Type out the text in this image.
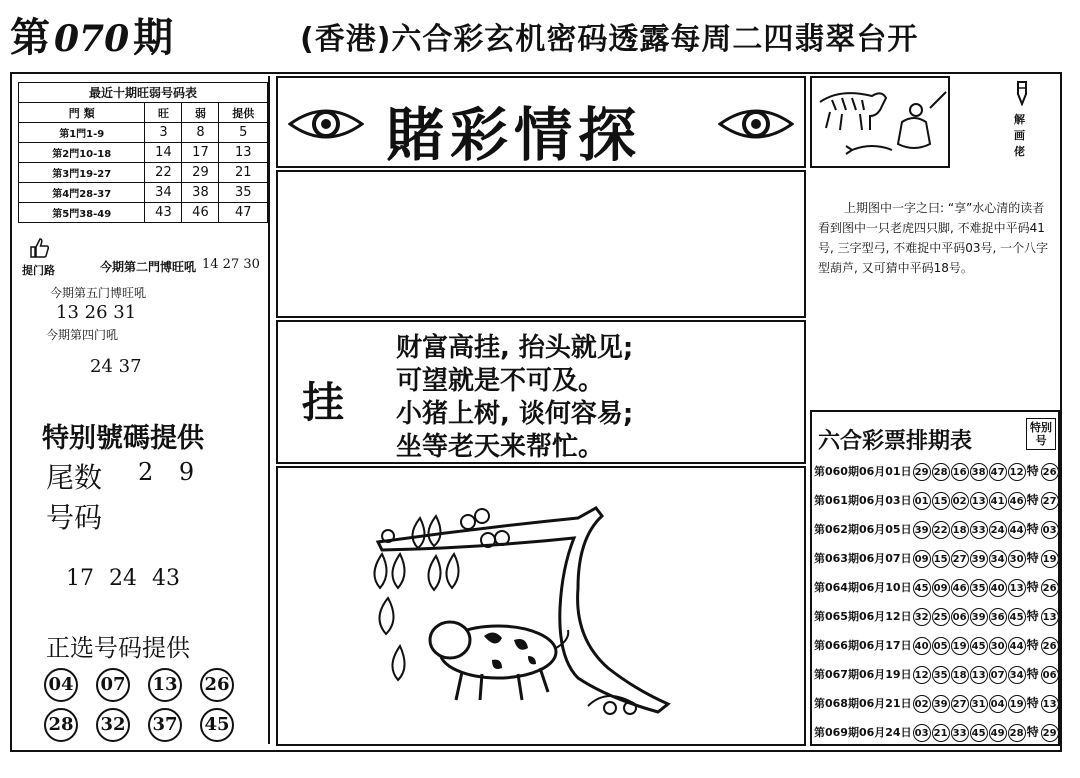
第 070 期	(香港)六合彩玄机密码透露每周二四翡翠台开
最近十期旺弱号码表			
門 類	旺	弱	提供
第1門1-9	3	8	5
第2門10-18	14	17	13
第3門19-27	22	29	21
第4門28-37	34	38	35
第5門38-49	43	46	47
提门路	今期第二門博旺吼 14 27 30
今期第五门博旺吼
13 26 31
今期第四门吼
24 37
特别號碼提供
尾数 2 9
号码
17 24 43
正选号码提供
04 07 13 26
28 32 37 45
賭彩情探
挂
财富高挂, 抬头就见;
可望就是不可及。
小猪上树, 谈何容易;
坐等老天来帮忙。
解画佬
上期图中一字之曰: “享”水心清的读者看到图中一只老虎四只脚, 不难捉中平码41号, 三字型弓, 不难捉中平码03号, 一个八字型葫芦, 又可猜中平码18号。
六合彩票排期表
特别号
第060期06月01日 29 28 16 38 47 12 特 26
第061期06月03日 01 15 02 13 41 46 特 27
第062期06月05日 39 22 18 33 24 44 特 03
第063期06月07日 09 15 27 39 34 30 特 19
第064期06月10日 45 09 46 35 40 13 特 26
第065期06月12日 32 25 06 39 36 45 特 13
第066期06月17日 40 05 19 45 30 44 特 26
第067期06月19日 12 35 18 13 07 34 特 06
第068期06月21日 02 39 27 31 04 19 特 13
第069期06月24日 03 21 33 45 49 28 特 29
